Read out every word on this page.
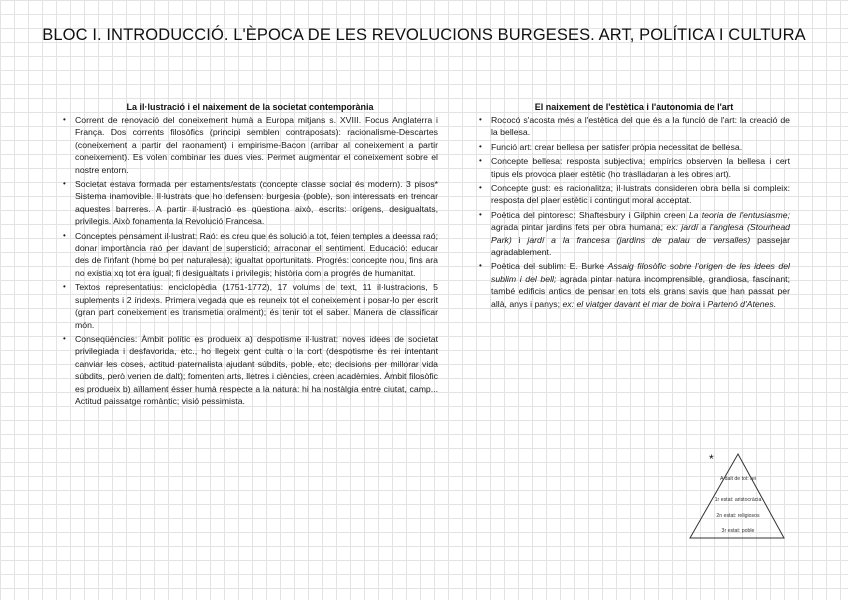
BLOC I. INTRODUCCIÓ. L'ÈPOCA DE LES REVOLUCIONS BURGESES. ART, POLÍTICA I CULTURA
La il·lustració i el naixement de la societat contemporània
• Corrent de renovació del coneixement humà a Europa mitjans s. XVIII. Focus Anglaterra i França. Dos corrents filosòfics (principi semblen contraposats): racionalisme-Descartes (coneixement a partir del raonament) i empirisme-Bacon (arribar al coneixement a partir coneixement). Es volen combinar les dues vies. Permet augmentar el coneixement sobre el nostre entorn.
• Societat estava formada per estaments/estats (concepte classe social és modern). 3 pisos* Sistema inamovible. Il·lustrats que ho defensen: burgesia (poble), son interessats en trencar aquestes barreres. A partir il·lustració es qüestiona això, escrits: orígens, desigualtats, privilegis. Això fonamenta la Revolució Francesa.
• Conceptes pensament il·lustrat: Raó: es creu que és solució a tot, feien temples a deessa raó; donar importància raó per davant de superstició; arraconar el sentiment. Educació: educar des de l'infant (home bo per naturalesa); igualtat oportunitats. Progrés: concepte nou, fins ara no existia xq tot era igual; fi desigualtats i privilegis; història com a progrés de humanitat.
• Textos representatius: enciclopèdia (1751-1772), 17 volums de text, 11 il·lustracions, 5 suplements i 2 índexs. Primera vegada que es reuneix tot el coneixement i posar-lo per escrit (gran part coneixement es transmetia oralment); és tenir tot el saber. Manera de classificar món.
• Conseqüències: Àmbit polític es produeix a) despotisme il·lustrat: noves idees de societat privilegiada i desfavorida, etc., ho llegeix gent culta o la cort (despotisme és rei intentant canviar les coses, actitud paternalista ajudant súbdits, poble, etc; decisions per millorar vida súbdits, però venen de dalt); fomenten arts, lletres i ciències, creen acadèmies. Àmbit filosòfic es produeix b) aïllament ésser humà respecte a la natura: hi ha nostàlgia entre ciutat, camp... Actitud paissatge romàntic; visió pessimista.
El naixement de l'estètica i l'autonomia de l'art
• Rococó s'acosta més a l'estètica del que és a la funció de l'art: la creació de la bellesa.
• Funció art: crear bellesa per satisfer pròpia necessitat de bellesa.
• Concepte bellesa: resposta subjectiva; empírics observen la bellesa i cert tipus els provoca plaer estètic (ho traslladaran a les obres art).
• Concepte gust: es racionalitza; il·lustrats consideren obra bella si compleix: resposta del plaer estètic i contingut moral acceptat.
• Poètica del pintoresc: Shaftesbury i Gilphin creen La teoria de l'entusiasme; agrada pintar jardins fets per obra humana; ex: jardí a l'anglesa (Stourhead Park) i jardí a la francesa (jardins de palau de versalles) passejar agradablement.
• Poètica del sublim: E. Burke Assaig filosòfic sobre l'origen de les idees del sublim i del bell; agrada pintar natura incomprensible, grandiosa, fascinant; també edificis antics de pensar en tots els grans savis que han passat per allà, anys i panys; ex: el viatger davant el mar de boira i Partenó d'Atenes.
*
A dalt de tot: rei
1r estat: aristocràcia
2n estat: religiosos
3r estat: poble
